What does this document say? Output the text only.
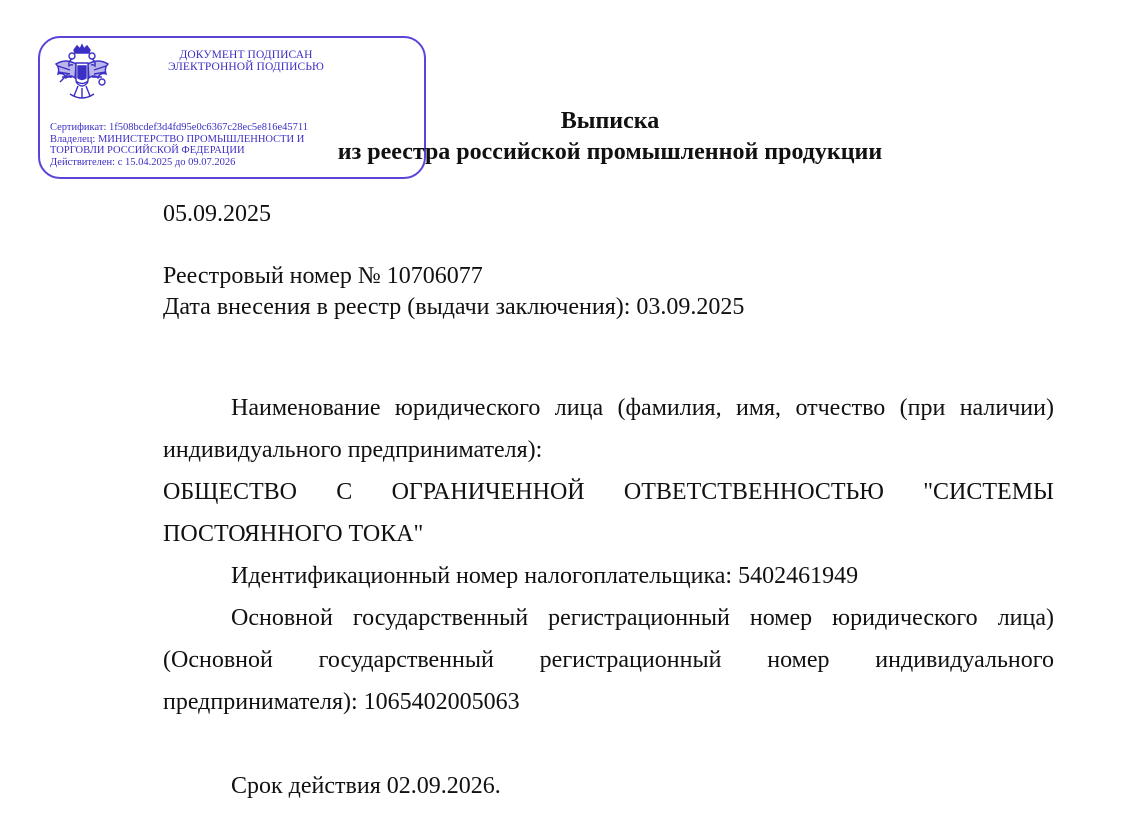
ДОКУМЕНТ ПОДПИСАН
ЭЛЕКТРОННОЙ ПОДПИСЬЮ
Сертификат: 1f508bcdef3d4fd95e0c6367c28ec5e816e45711
Владелец: МИНИСТЕРСТВО ПРОМЫШЛЕННОСТИ И
ТОРГОВЛИ РОССИЙСКОЙ ФЕДЕРАЦИИ
Действителен: с 15.04.2025 до 09.07.2026
Выписка
из реестра российской промышленной продукции
05.09.2025
Реестровый номер № 10706077
Дата внесения в реестр (выдачи заключения): 03.09.2025
Наименование юридического лица (фамилия, имя, отчество (при наличии) индивидуального предпринимателя):
ОБЩЕСТВО С ОГРАНИЧЕННОЙ ОТВЕТСТВЕННОСТЬЮ "СИСТЕМЫ ПОСТОЯННОГО ТОКА"
Идентификационный номер налогоплательщика: 5402461949
Основной государственный регистрационный номер юридического лица) (Основной государственный регистрационный номер индивидуального предпринимателя): 1065402005063
Срок действия 02.09.2026.
